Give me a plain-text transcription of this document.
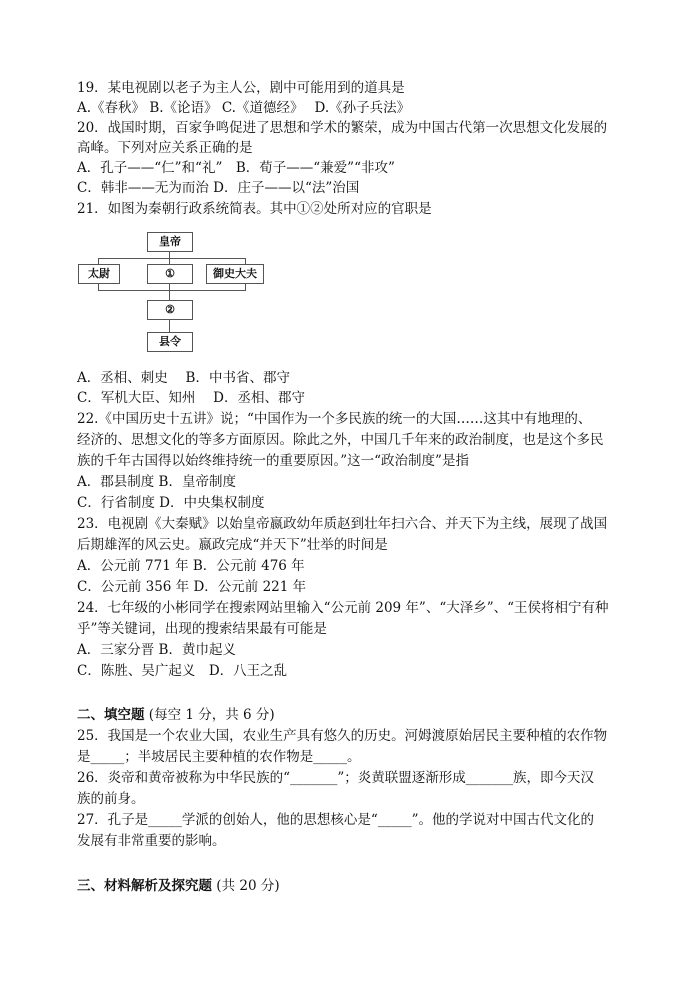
19．某电视剧以老子为主人公，剧中可能用到的道具是
A.《春秋》 B.《论语》 C.《道德经》　 D.《孙子兵法》
20．战国时期，百家争鸣促进了思想和学术的繁荣，成为中国古代第一次思想文化发展的
高峰。下列对应关系正确的是
A．孔子——“仁”和“礼”　B．荀子——“兼爱”“非攻”
C．韩非——无为而治 D．庄子——以“法”治国
21．如图为秦朝行政系统简表。其中①②处所对应的官职是
皇帝
太尉	①	御史大夫
②
县令
A．丞相、刺史　 B．中书省、郡守
C．军机大臣、知州　 D．丞相、郡守
22.《中国历史十五讲》说；“中国作为一个多民族的统一的大国……这其中有地理的、
经济的、思想文化的等多方面原因。除此之外，中国几千年来的政治制度，也是这个多民
族的千年古国得以始终维持统一的重要原因。”这一“政治制度”是指
A．郡县制度 B．皇帝制度
C．行省制度 D．中央集权制度
23．电视剧《大秦赋》以始皇帝嬴政幼年质赵到壮年扫六合、并天下为主线，展现了战国
后期雄浑的风云史。嬴政完成“并天下”壮举的时间是
A．公元前 771 年 B．公元前 476 年
C．公元前 356 年 D．公元前 221 年
24．七年级的小彬同学在搜索网站里输入“公元前 209 年”、“大泽乡”、“王侯将相宁有种
乎”等关键词，出现的搜索结果最有可能是
A．三家分晋 B．黄巾起义
C．陈胜、吴广起义　D．八王之乱
二、填空题 (每空 1 分，共 6 分)
25．我国是一个农业大国，农业生产具有悠久的历史。河姆渡原始居民主要种植的农作物
是_____；半坡居民主要种植的农作物是_____。
26．炎帝和黄帝被称为中华民族的“_______”；炎黄联盟逐渐形成_______族，即今天汉
族的前身。
27．孔子是_____学派的创始人，他的思想核心是“_____”。他的学说对中国古代文化的
发展有非常重要的影响。
三、材料解析及探究题 (共 20 分)
